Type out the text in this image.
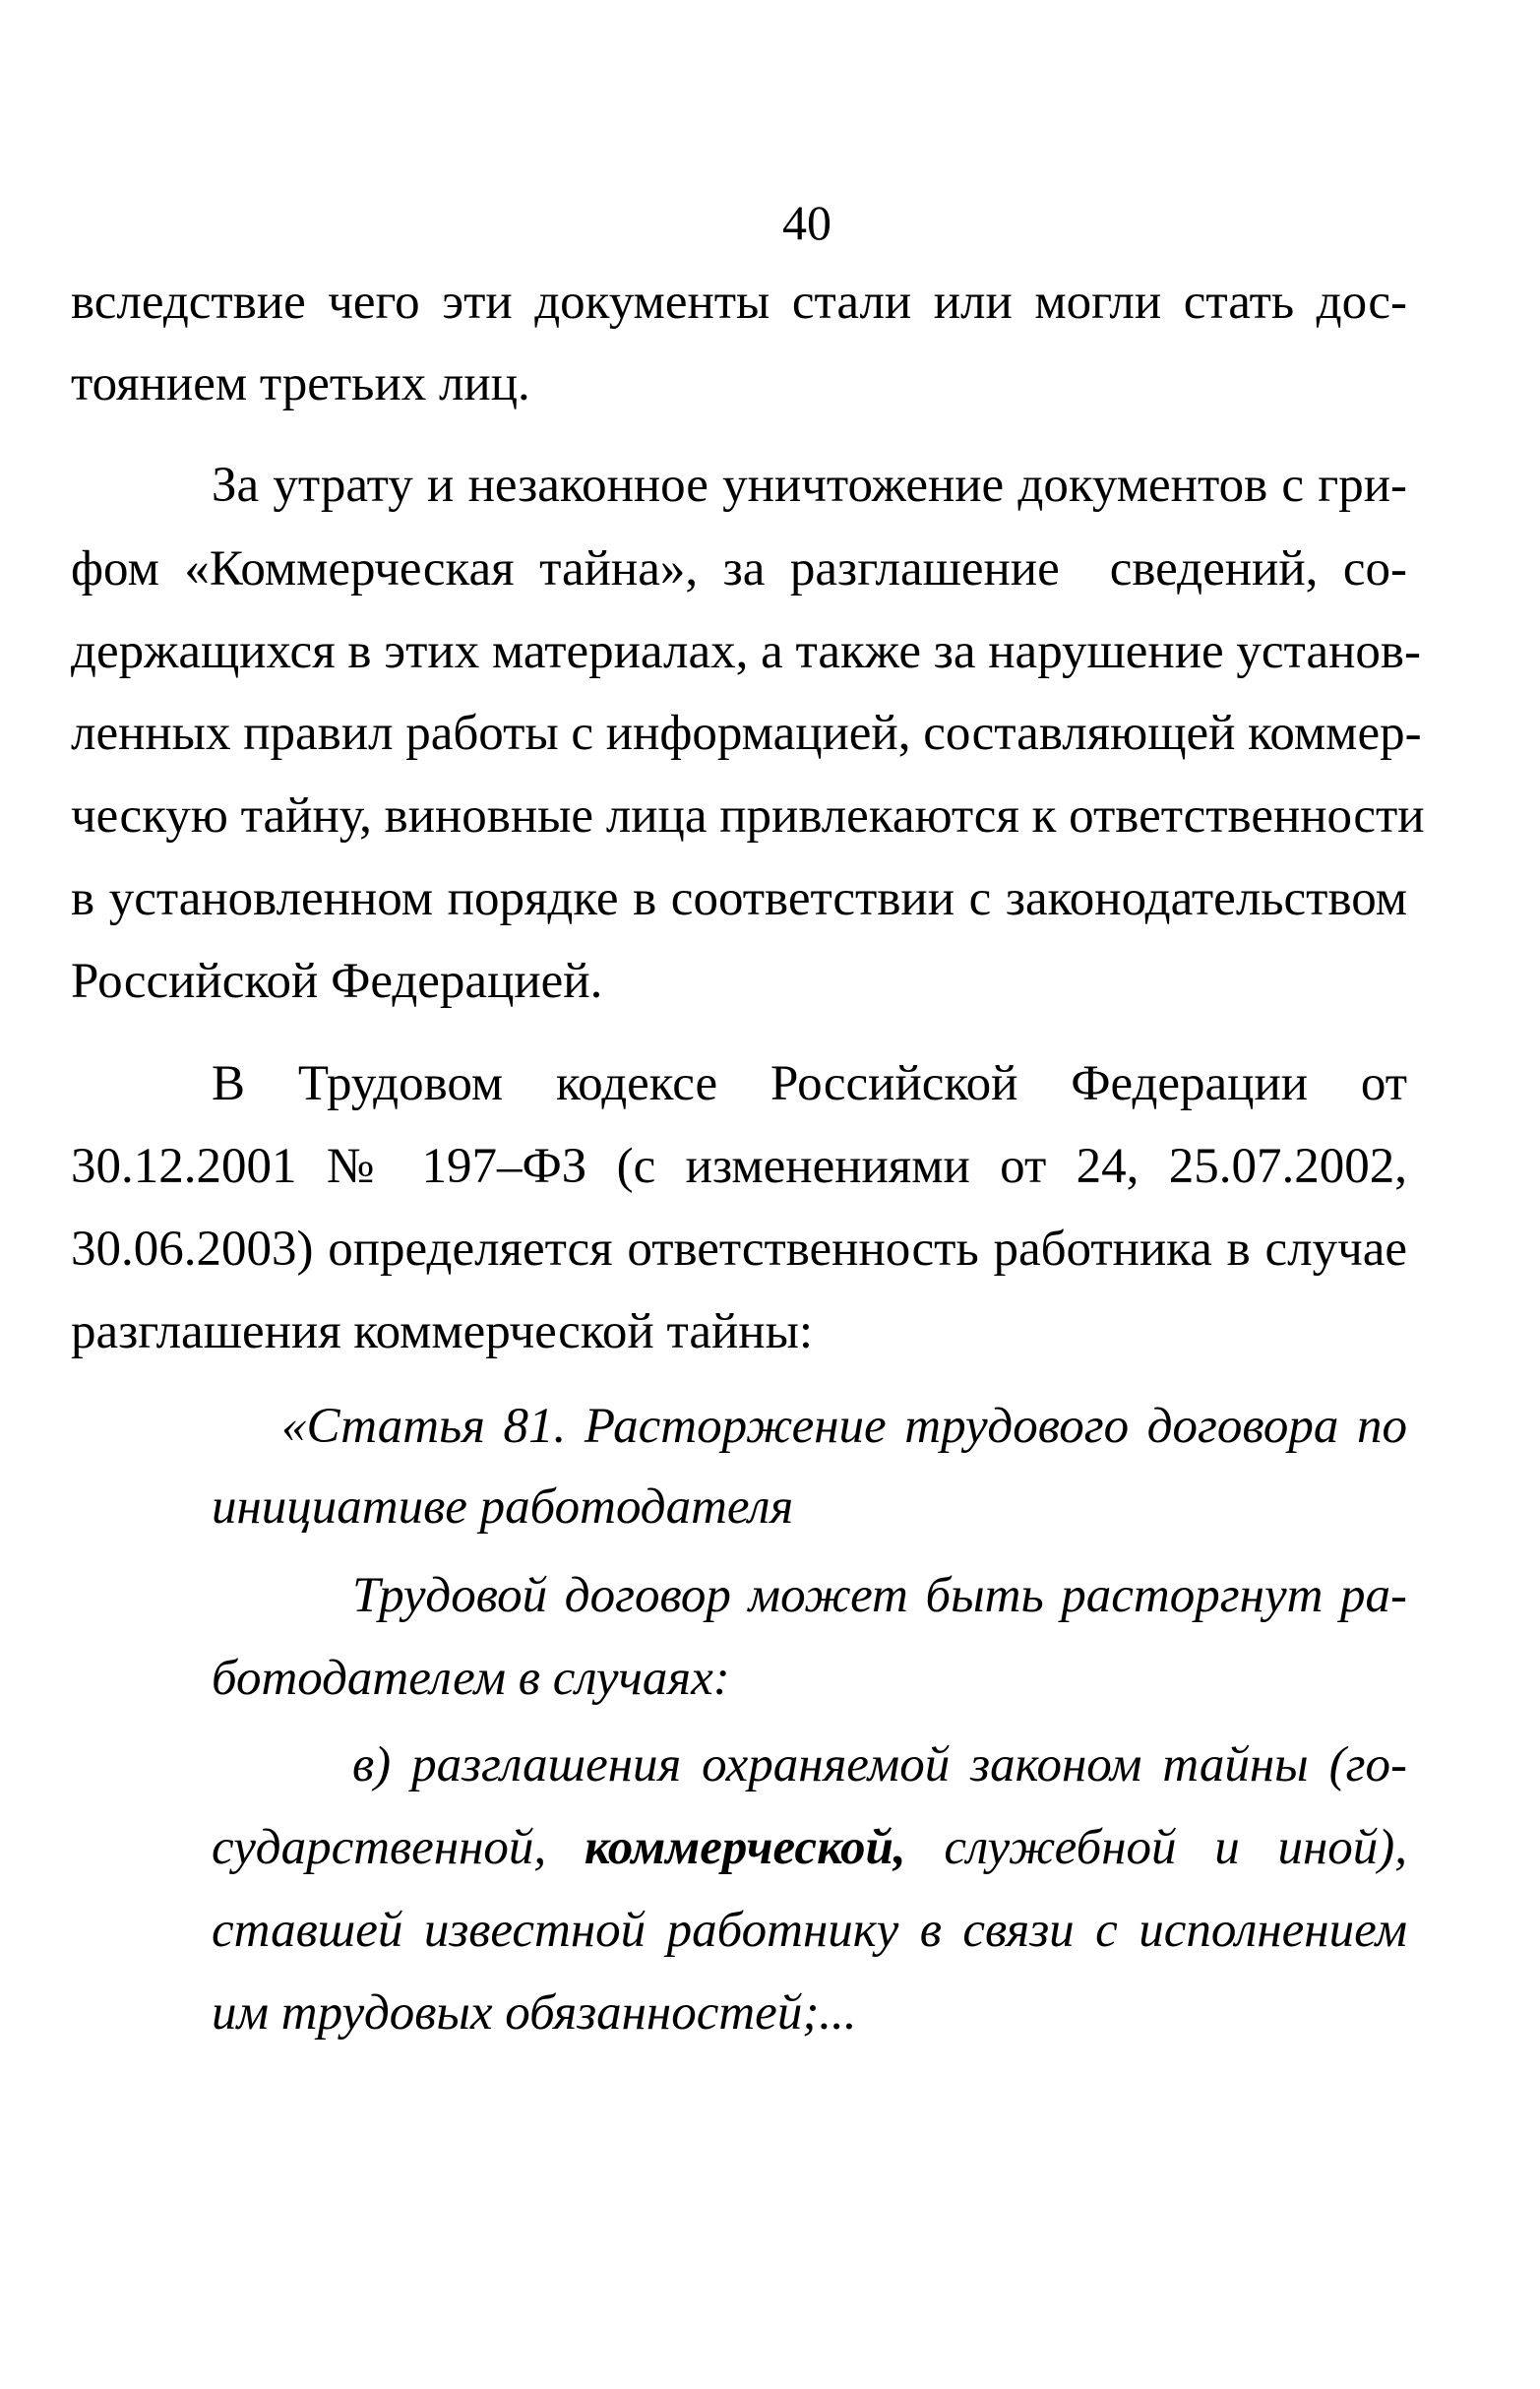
40
вследствие чего эти документы стали или могли стать дос-
тоянием третьих лиц.
За утрату и незаконное уничтожение документов с гри-
фом «Коммерческая тайна», за разглашение  сведений, со-
держащихся в этих материалах, а также за нарушение установ-
ленных правил работы с информацией, составляющей коммер-
ческую тайну, виновные лица привлекаются к ответственности
в установленном порядке в соответствии с законодательством
Российской Федерацией.
В Трудовом кодексе Российской Федерации от
30.12.2001 № 197–ФЗ (с изменениями от 24, 25.07.2002,
30.06.2003) определяется ответственность работника в случае
разглашения коммерческой тайны:
«Статья 81. Расторжение трудового договора по
инициативе работодателя
Трудовой договор может быть расторгнут ра-
ботодателем в случаях:
в) разглашения охраняемой законом тайны (го-
сударственной, коммерческой, служебной и иной),
ставшей известной работнику в связи с исполнением
им трудовых обязанностей;...
